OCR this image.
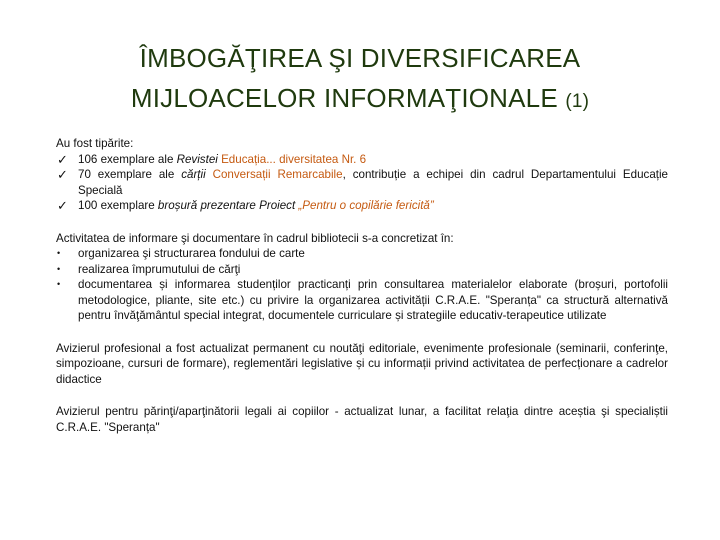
ÎMBOGĂŢIREA ŞI DIVERSIFICAREA
MIJLOACELOR INFORMAŢIONALE (1)
Au fost tipărite:
✓ 106 exemplare ale Revistei Educația... diversitatea Nr. 6
✓ 70 exemplare ale cărții Conversații Remarcabile, contribuție a echipei din cadrul Departamentului Educație Specială
✓ 100 exemplare broșură prezentare Proiect „Pentru o copilărie fericită”
Activitatea de informare şi documentare în cadrul bibliotecii s-a concretizat în:
•	organizarea şi structurarea fondului de carte
•	realizarea împrumutului de cărţi
•	documentarea și informarea studenților practicanți prin consultarea materialelor elaborate (broșuri, portofolii metodologice, pliante, site etc.) cu privire la organizarea activității C.R.A.E. "Speranța" ca structură alternativă pentru învăţământul special integrat, documentele curriculare și strategiile educativ-terapeutice utilizate
Avizierul profesional a fost actualizat permanent cu noutăţi editoriale, evenimente profesionale (seminarii, conferinţe, simpozioane, cursuri de formare), reglementări legislative și cu informații privind activitatea de perfecționare a cadrelor didactice
Avizierul pentru părinţi/aparţinătorii legali ai copiilor - actualizat lunar, a facilitat relaţia dintre aceștia şi specialiștii C.R.A.E. "Speranța"
